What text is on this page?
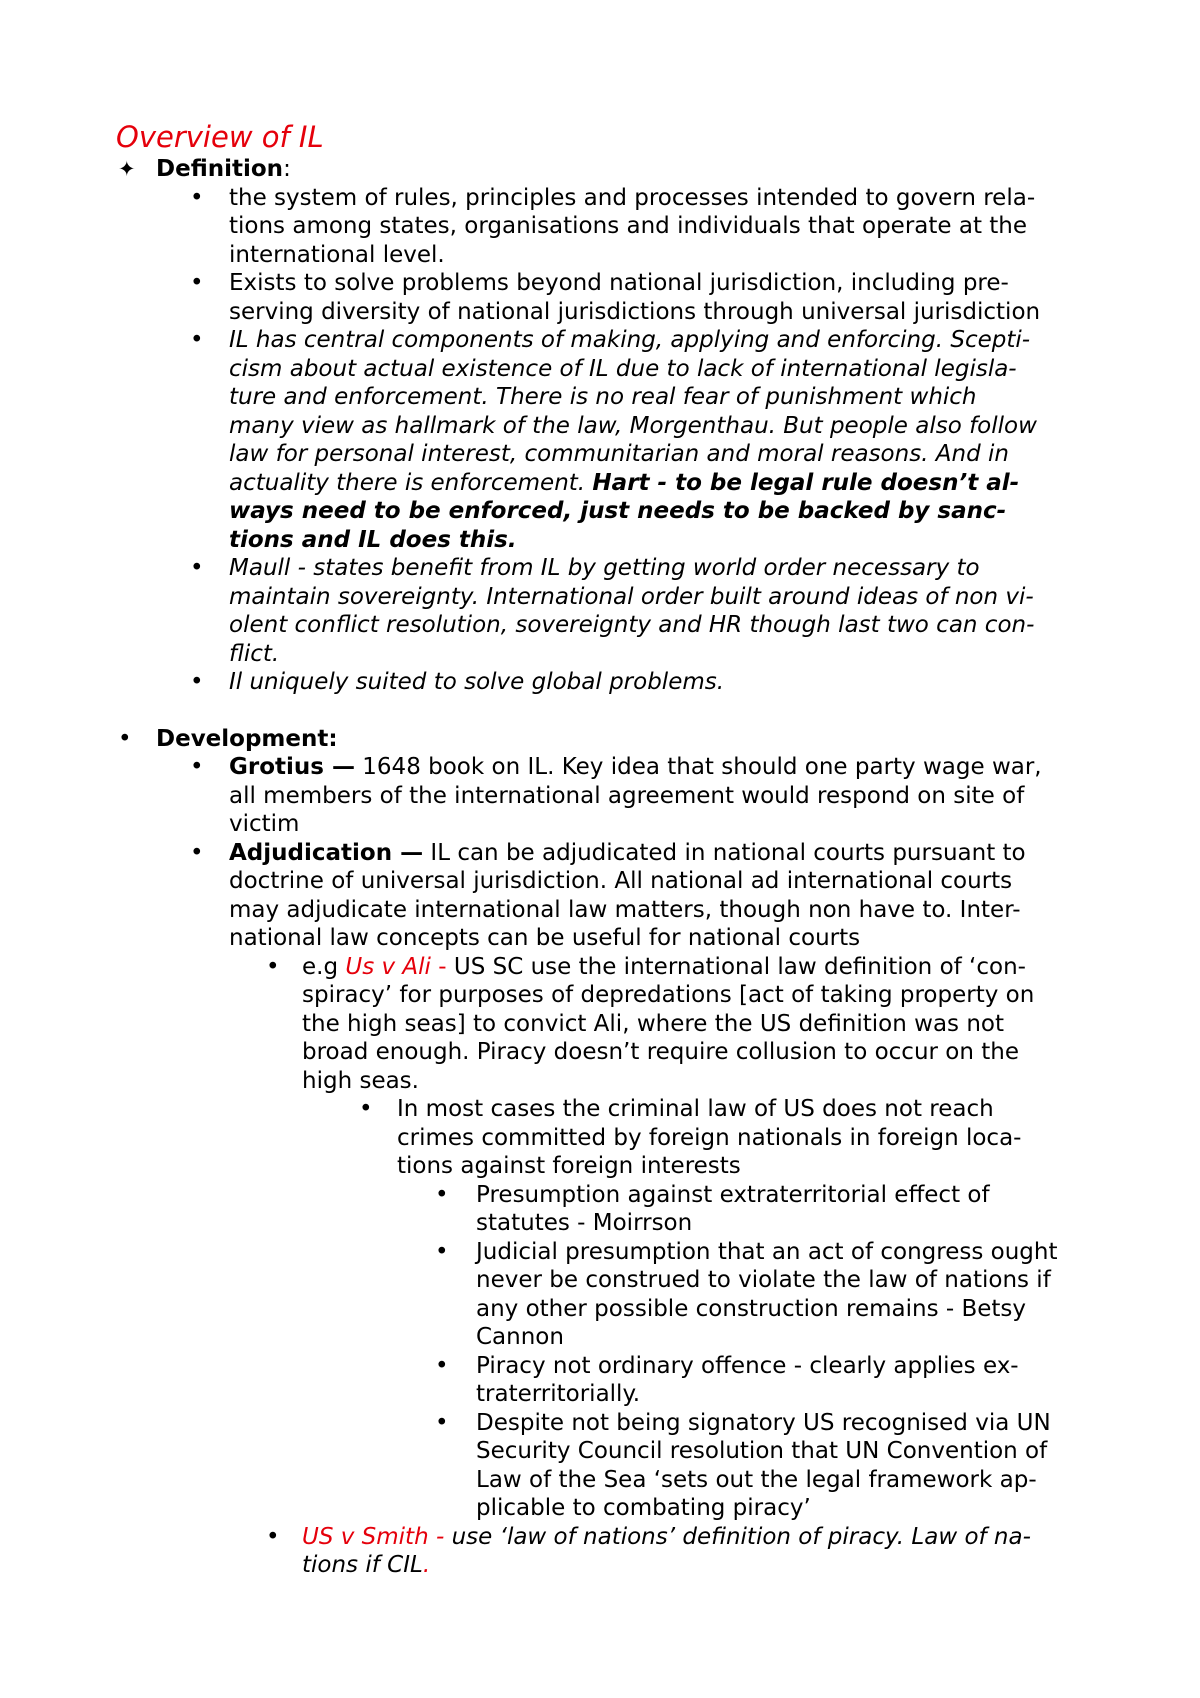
Overview of IL
✦ Definition:
• the system of rules, principles and processes intended to govern rela-
tions among states, organisations and individuals that operate at the
international level.
• Exists to solve problems beyond national jurisdiction, including pre-
serving diversity of national jurisdictions through universal jurisdiction
• IL has central components of making, applying and enforcing. Scepti-
cism about actual existence of IL due to lack of international legisla-
ture and enforcement. There is no real fear of punishment which
many view as hallmark of the law, Morgenthau. But people also follow
law for personal interest, communitarian and moral reasons. And in
actuality there is enforcement. Hart - to be legal rule doesn’t al-
ways need to be enforced, just needs to be backed by sanc-
tions and IL does this.
• Maull - states benefit from IL by getting world order necessary to
maintain sovereignty. International order built around ideas of non vi-
olent conflict resolution, sovereignty and HR though last two can con-
flict.
• Il uniquely suited to solve global problems.
• Development:
• Grotius — 1648 book on IL. Key idea that should one party wage war,
all members of the international agreement would respond on site of
victim
• Adjudication — IL can be adjudicated in national courts pursuant to
doctrine of universal jurisdiction. All national ad international courts
may adjudicate international law matters, though non have to. Inter-
national law concepts can be useful for national courts
• e.g Us v Ali - US SC use the international law definition of ‘con-
spiracy’ for purposes of depredations [act of taking property on
the high seas] to convict Ali, where the US definition was not
broad enough. Piracy doesn’t require collusion to occur on the
high seas.
• In most cases the criminal law of US does not reach
crimes committed by foreign nationals in foreign loca-
tions against foreign interests
• Presumption against extraterritorial effect of
statutes - Moirrson
• Judicial presumption that an act of congress ought
never be construed to violate the law of nations if
any other possible construction remains - Betsy
Cannon
• Piracy not ordinary offence - clearly applies ex-
traterritorially.
• Despite not being signatory US recognised via UN
Security Council resolution that UN Convention of
Law of the Sea ‘sets out the legal framework ap-
plicable to combating piracy’
• US v Smith - use ‘law of nations’ definition of piracy. Law of na-
tions if CIL.
